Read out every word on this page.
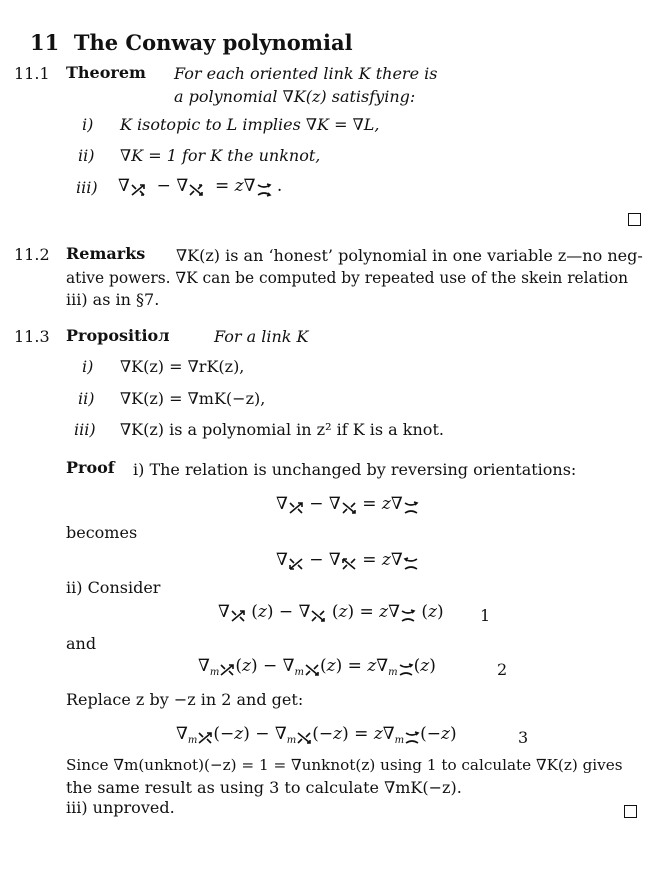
11 The Conway polynomial
11.1 Theorem For each oriented link K there is
a polynomial ∇K(z) satisfying:
i) K isotopic to L implies ∇K = ∇L,
ii) ∇K = 1 for K the unknot,
iii) ∇  − ∇  = z∇ .
11.2 Remarks ∇K(z) is an ‘honest’ polynomial in one variable z—no neg-
ative powers. ∇K can be computed by repeated use of the skein relation
iii) as in §7.
11.3 Propositioл	For a link K
i) ∇K(z) = ∇rK(z),
ii) ∇K(z) = ∇mK(−z),
iii) ∇K(z) is a polynomial in z² if K is a knot.
Proof i) The relation is unchanged by reversing orientations:
∇ − ∇ = z∇
becomes
∇ − ∇ = z∇
ii) Consider
∇ (z) − ∇ (z) = z∇ (z) 1
and
$\nabla_m$ $(z) - \nabla_m$ $(z) = z\nabla_m$ (z)	2
Replace z by −z in 2 and get:
$\nabla_m$ $(-z) - \nabla_m$ $(-z) = z\nabla_m$ (−z)	3
Since ∇m(unknot)(−z) = 1 = ∇unknot(z) using 1 to calculate ∇K(z) gives
the same result as using 3 to calculate ∇mK(−z).
iii) unproved.
